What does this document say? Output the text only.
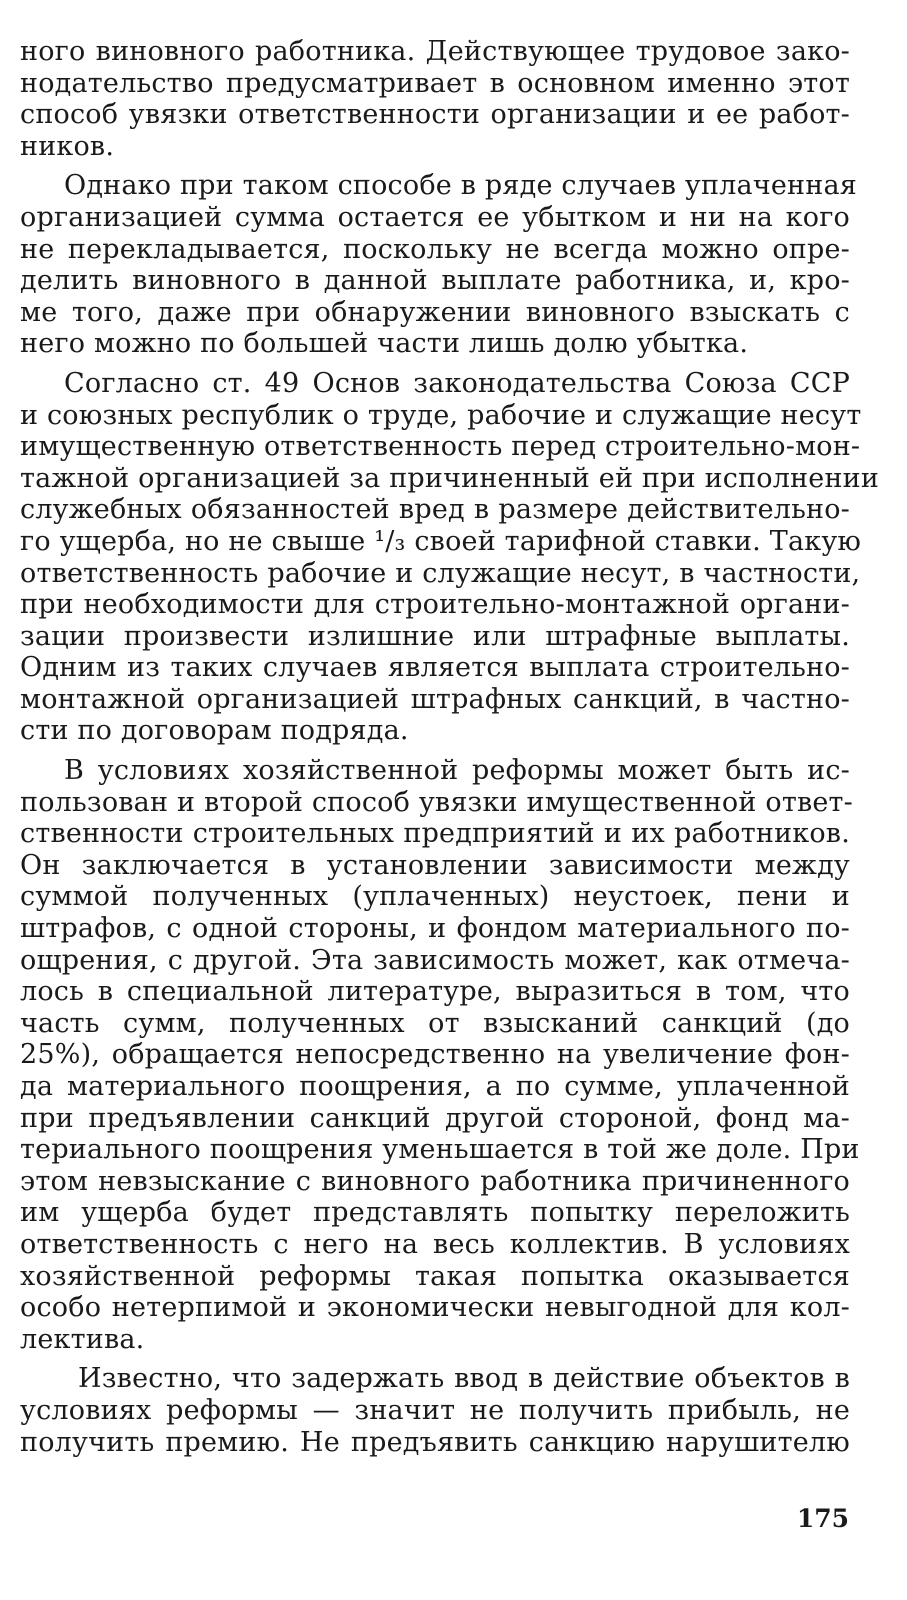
ного виновного работника. Действующее трудовое зако-
нодательство предусматривает в основном именно этот
способ увязки ответственности организации и ее работ-
ников.
Однако при таком способе в ряде случаев уплаченная
организацией сумма остается ее убытком и ни на кого
не перекладывается, поскольку не всегда можно опре-
делить виновного в данной выплате работника, и, кро-
ме того, даже при обнаружении виновного взыскать с
него можно по большей части лишь долю убытка.
Согласно ст. 49 Основ законодательства Союза ССР
и союзных республик о труде, рабочие и служащие несут
имущественную ответственность перед строительно-мон-
тажной организацией за причиненный ей при исполнении
служебных обязанностей вред в размере действительно-
го ущерба, но не свыше ¹/₃ своей тарифной ставки. Такую
ответственность рабочие и служащие несут, в частности,
при необходимости для строительно-монтажной органи-
зации произвести излишние или штрафные выплаты.
Одним из таких случаев является выплата строительно-
монтажной организацией штрафных санкций, в частно-
сти по договорам подряда.
В условиях хозяйственной реформы может быть ис-
пользован и второй способ увязки имущественной ответ-
ственности строительных предприятий и их работников.
Он заключается в установлении зависимости между
суммой полученных (уплаченных) неустоек, пени и
штрафов, с одной стороны, и фондом материального по-
ощрения, с другой. Эта зависимость может, как отмеча-
лось в специальной литературе, выразиться в том, что
часть сумм, полученных от взысканий санкций (до
25%), обращается непосредственно на увеличение фон-
да материального поощрения, а по сумме, уплаченной
при предъявлении санкций другой стороной, фонд ма-
териального поощрения уменьшается в той же доле. При
этом невзыскание с виновного работника причиненного
им ущерба будет представлять попытку переложить
ответственность с него на весь коллектив. В условиях
хозяйственной реформы такая попытка оказывается
особо нетерпимой и экономически невыгодной для кол-
лектива.
Известно, что задержать ввод в действие объектов в
условиях реформы — значит не получить прибыль, не
получить премию. Не предъявить санкцию нарушителю
175
